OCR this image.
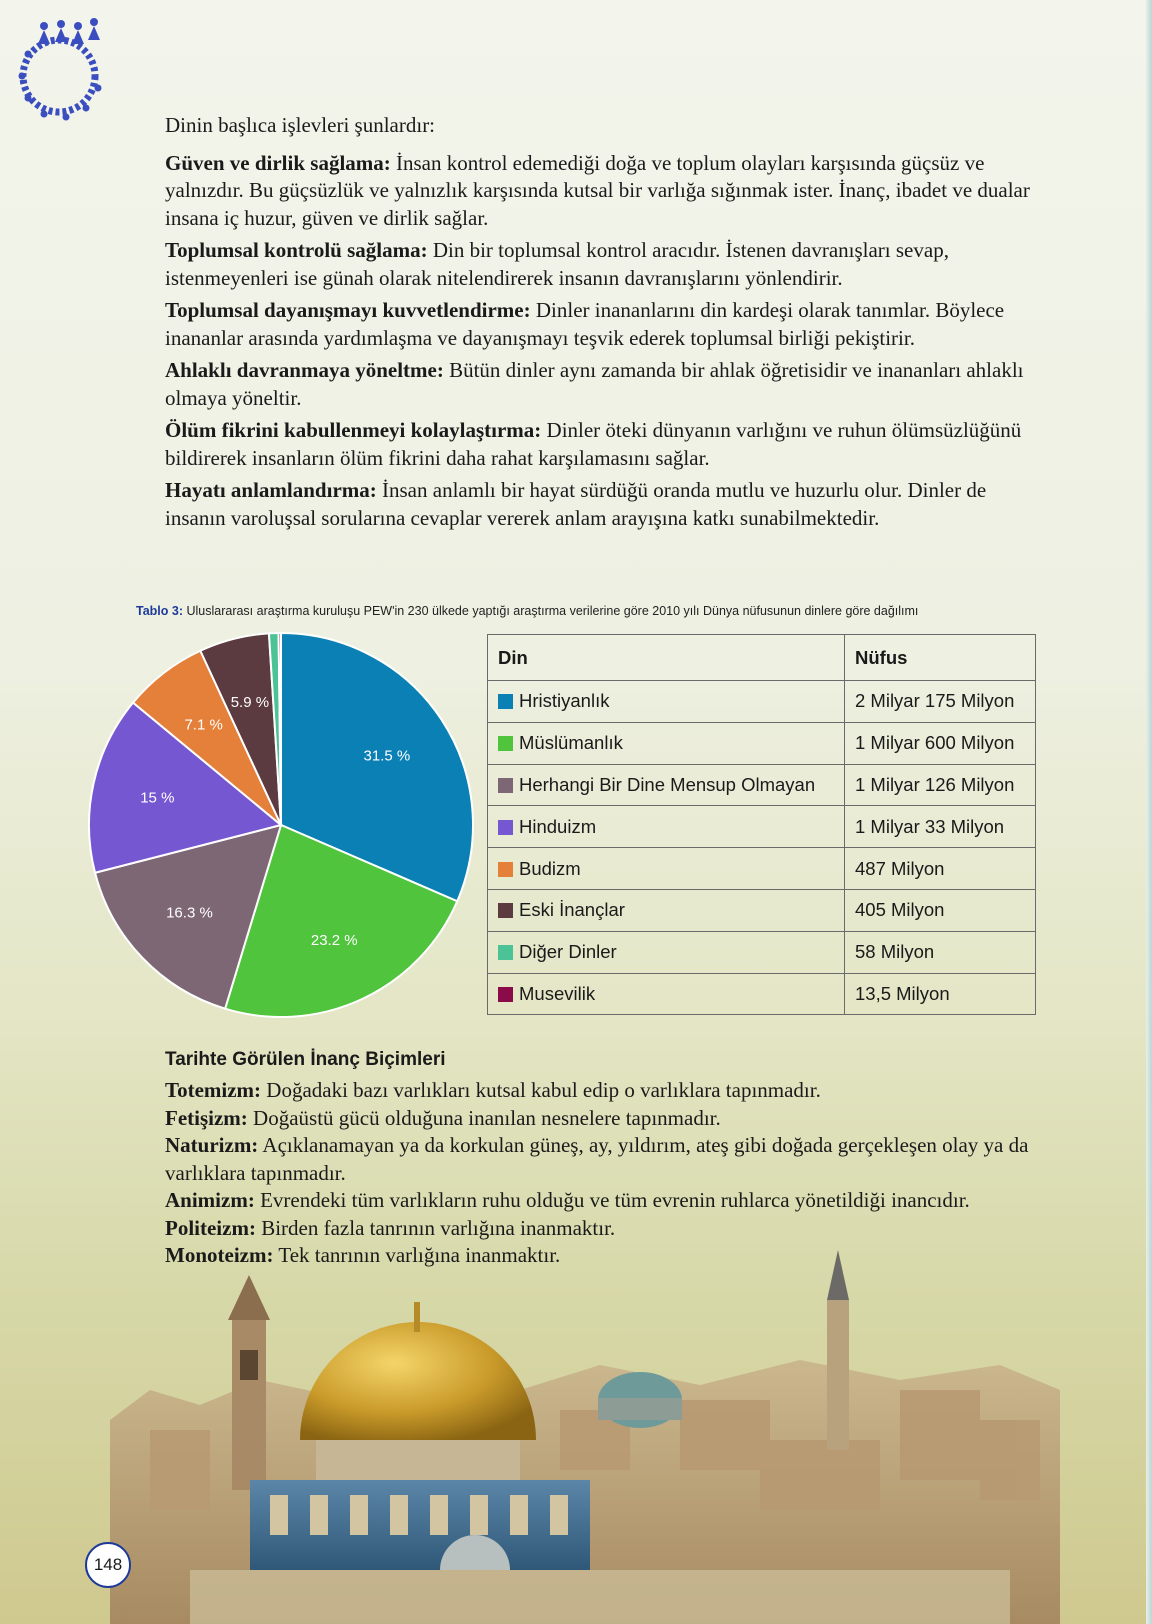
Dinin başlıca işlevleri şunlardır:

Güven ve dirlik sağlama: İnsan kontrol edemediği doğa ve toplum olayları karşısında güçsüz ve yalnızdır. Bu güçsüzlük ve yalnızlık karşısında kutsal bir varlığa sığınmak ister. İnanç, ibadet ve dualar insana iç huzur, güven ve dirlik sağlar.

Toplumsal kontrolü sağlama: Din bir toplumsal kontrol aracıdır. İstenen davranışları sevap, istenmeyenleri ise günah olarak nitelendirerek insanın davranışlarını yönlendirir.

Toplumsal dayanışmayı kuvvetlendirme: Dinler inananlarını din kardeşi olarak tanımlar. Böylece inananlar arasında yardımlaşma ve dayanışmayı teşvik ederek toplumsal birliği pekiştirir.

Ahlaklı davranmaya yöneltme: Bütün dinler aynı zamanda bir ahlak öğretisidir ve inananları ahlaklı olmaya yöneltir.

Ölüm fikrini kabullenmeyi kolaylaştırma: Dinler öteki dünyanın varlığını ve ruhun ölümsüzlüğünü bildirerek insanların ölüm fikrini daha rahat karşılamasını sağlar.

Hayatı anlamlandırma: İnsan anlamlı bir hayat sürdüğü oranda mutlu ve huzurlu olur. Dinler de insanın varoluşsal sorularına cevaplar vererek anlam arayışına katkı sunabilmektedir.

Tablo 3: Uluslararası araştırma kuruluşu PEW'in 230 ülkede yaptığı araştırma verilerine göre 2010 yılı Dünya nüfusunun dinlere göre dağılımı
31.5 %
23.2 %
16.3 %
15 %
7.1 %
5.9 %
Din	Nüfus
Hristiyanlık	2 Milyar 175 Milyon
Müslümanlık	1 Milyar 600 Milyon
Herhangi Bir Dine Mensup Olmayan	1 Milyar 126 Milyon
Hinduizm	1 Milyar 33 Milyon
Budizm	487 Milyon
Eski İnançlar	405 Milyon
Diğer Dinler	58 Milyon
Musevilik	13,5 Milyon
Tarihte Görülen İnanç Biçimleri

Totemizm: Doğadaki bazı varlıkları kutsal kabul edip o varlıklara tapınmadır.

Fetişizm: Doğaüstü gücü olduğuna inanılan nesnelere tapınmadır.

Naturizm: Açıklanamayan ya da korkulan güneş, ay, yıldırım, ateş gibi doğada gerçekleşen olay ya da varlıklara tapınmadır.

Animizm: Evrendeki tüm varlıkların ruhu olduğu ve tüm evrenin ruhlarca yönetildiği inancıdır.

Politeizm: Birden fazla tanrının varlığına inanmaktır.

Monoteizm: Tek tanrının varlığına inanmaktır.

148
